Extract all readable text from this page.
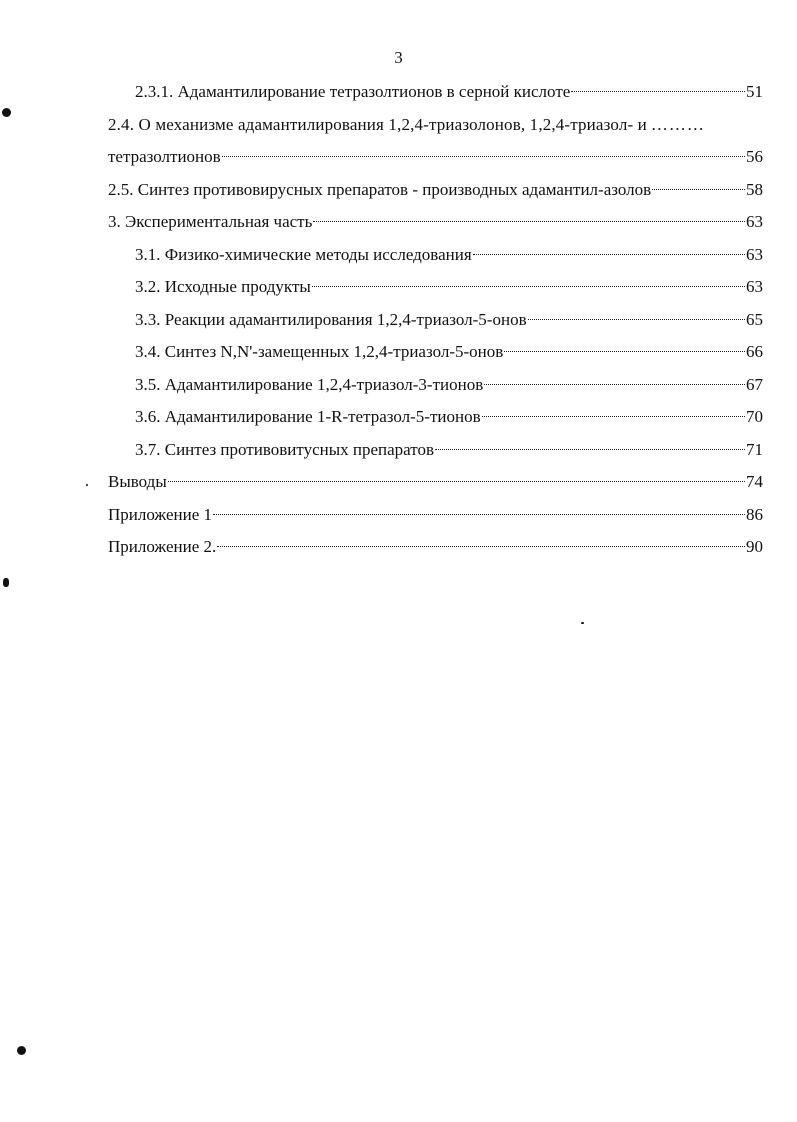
3
2.3.1. Адамантилирование тетразолтионов в серной кислоте	51
2.4. О механизме адамантилирования 1,2,4-триазолонов, 1,2,4-триазол- и ………
тетразолтионов	56
2.5. Синтез противовирусных препаратов - производных адамантил-азолов	58
3. Экспериментальная часть	63
3.1. Физико-химические методы исследования	63
3.2. Исходные продукты	63
3.3. Реакции адамантилирования 1,2,4-триазол-5-онов	65
3.4. Синтез N,N'-замещенных 1,2,4-триазол-5-онов	66
3.5. Адамантилирование 1,2,4-триазол-3-тионов	67
3.6. Адамантилирование 1-R-тетразол-5-тионов	70
3.7. Синтез противовитусных препаратов	71
Выводы	74
Приложение 1	86
Приложение 2.	90
